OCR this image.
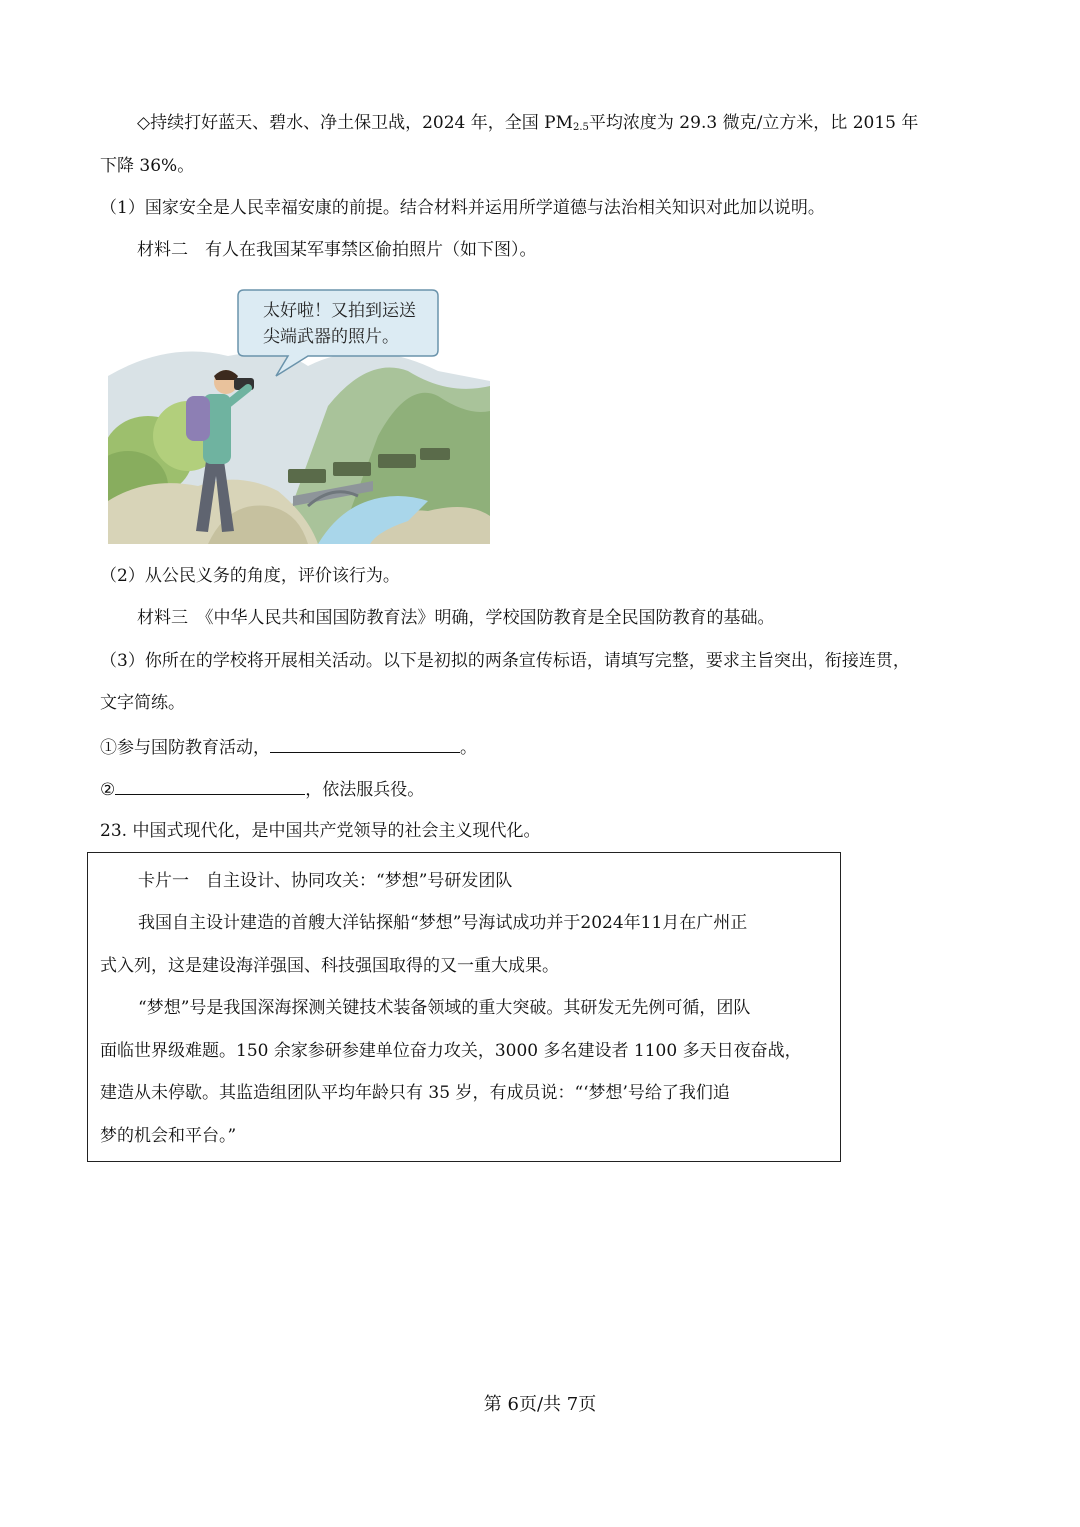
◇持续打好蓝天、碧水、净土保卫战，2024 年，全国 $PM_{2.5}$平均浓度为 29.3 微克/立方米，比 2015 年
下降 36%。
（1）国家安全是人民幸福安康的前提。结合材料并运用所学道德与法治相关知识对此加以说明。
材料二　有人在我国某军事禁区偷拍照片（如下图）。
太好啦！又拍到运送
尖端武器的照片。
（2）从公民义务的角度，评价该行为。
材料三　《中华人民共和国国防教育法》明确，学校国防教育是全民国防教育的基础。
（3）你所在的学校将开展相关活动。以下是初拟的两条宣传标语，请填写完整，要求主旨突出，衔接连贯，
文字简练。
①参与国防教育活动，	。
②	，依法服兵役。
23. 中国式现代化，是中国共产党领导的社会主义现代化。
卡片一　自主设计、协同攻关：“梦想”号研发团队
我国自主设计建造的首艘大洋钻探船“梦想”号海试成功并于2024年11月在广州正
式入列，这是建设海洋强国、科技强国取得的又一重大成果。
“梦想”号是我国深海探测关键技术装备领域的重大突破。其研发无先例可循，团队
面临世界级难题。150 余家参研参建单位奋力攻关，3000 多名建设者 1100 多天日夜奋战，
建造从未停歇。其监造组团队平均年龄只有 35 岁，有成员说：“‘梦想’号给了我们追
梦的机会和平台。”
第 6页/共 7页
